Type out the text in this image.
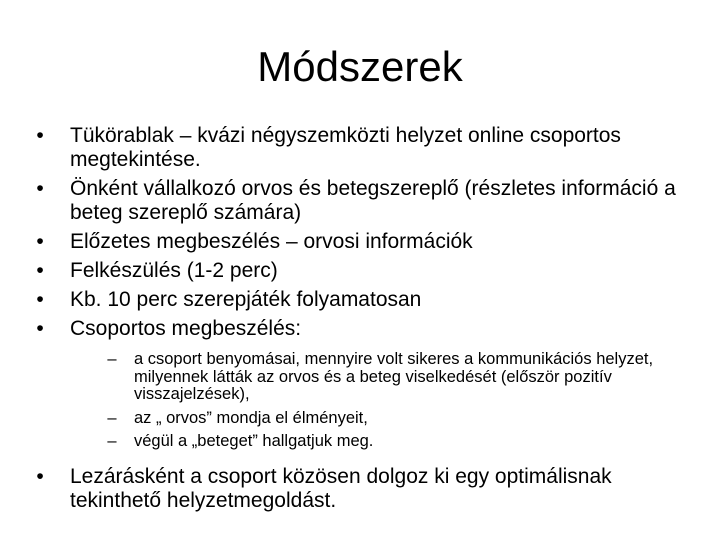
Módszerek
•	Tükörablak – kvázi négyszemközti helyzet online csoportos megtekintése.
•	Önként vállalkozó orvos és betegszereplő (részletes információ a beteg szereplő számára)
•	Előzetes megbeszélés – orvosi információk
•	Felkészülés (1-2 perc)
•	Kb. 10 perc szerepjáték folyamatosan
•	Csoportos megbeszélés:
– a csoport benyomásai, mennyire volt sikeres a kommunikációs helyzet, milyennek látták az orvos és a beteg viselkedését (először pozitív visszajelzések),
– az „ orvos” mondja el élményeit,
– végül a „beteget” hallgatjuk meg.
•	Lezárásként a csoport közösen dolgoz ki egy optimálisnak tekinthető helyzetmegoldást.
